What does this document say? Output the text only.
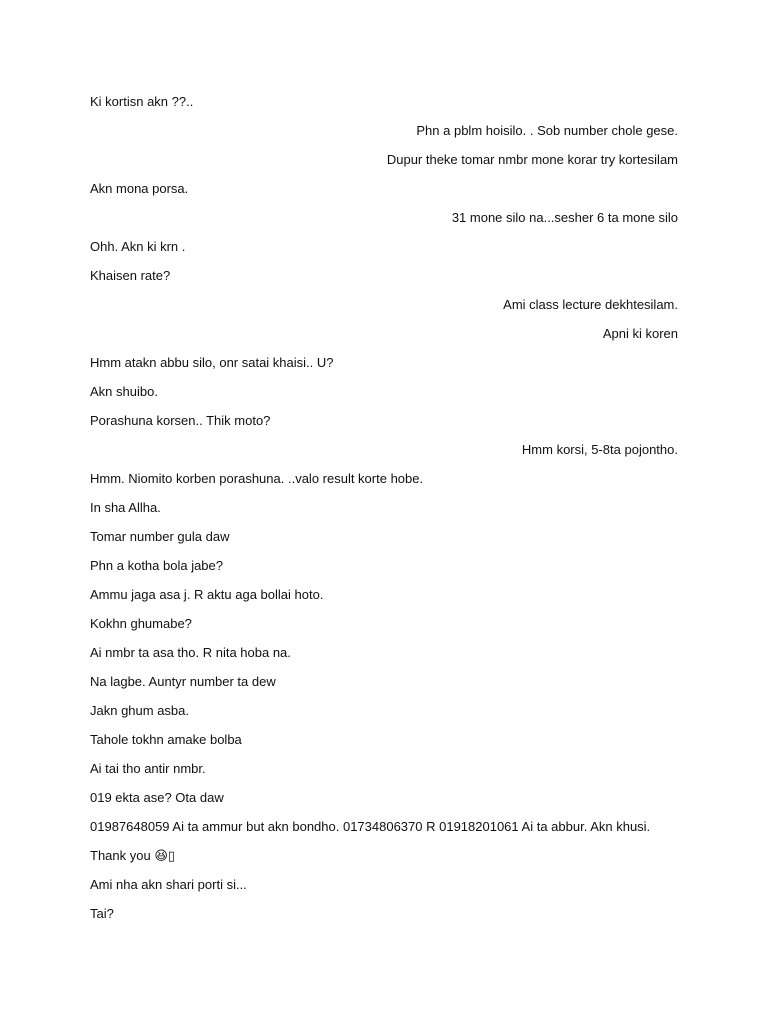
Ki kortisn akn ??..
Phn a pblm hoisilo. . Sob number chole gese.
Dupur theke tomar nmbr mone korar try kortesilam
Akn mona porsa.
31 mone silo na...sesher 6 ta mone silo
Ohh. Akn ki krn .
Khaisen rate?
Ami class lecture dekhtesilam.
Apni ki koren
Hmm atakn abbu silo, onr satai khaisi.. U?
Akn shuibo.
Porashuna korsen.. Thik moto?
Hmm korsi, 5-8ta pojontho.
Hmm. Niomito korben porashuna. ..valo result korte hobe.
In sha Allha.
Tomar number gula daw
Phn a kotha bola jabe?
Ammu jaga asa j. R aktu aga bollai hoto.
Kokhn ghumabe?
Ai nmbr ta asa tho. R nita hoba na.
Na lagbe. Auntyr number ta dew
Jakn ghum asba.
Tahole tokhn amake bolba
Ai tai tho antir nmbr.
019 ekta ase? Ota daw
01987648059 Ai ta ammur but akn bondho. 01734806370 R 01918201061 Ai ta abbur. Akn khusi.
Thank you 😆▯
Ami nha akn shari porti si...
Tai?
